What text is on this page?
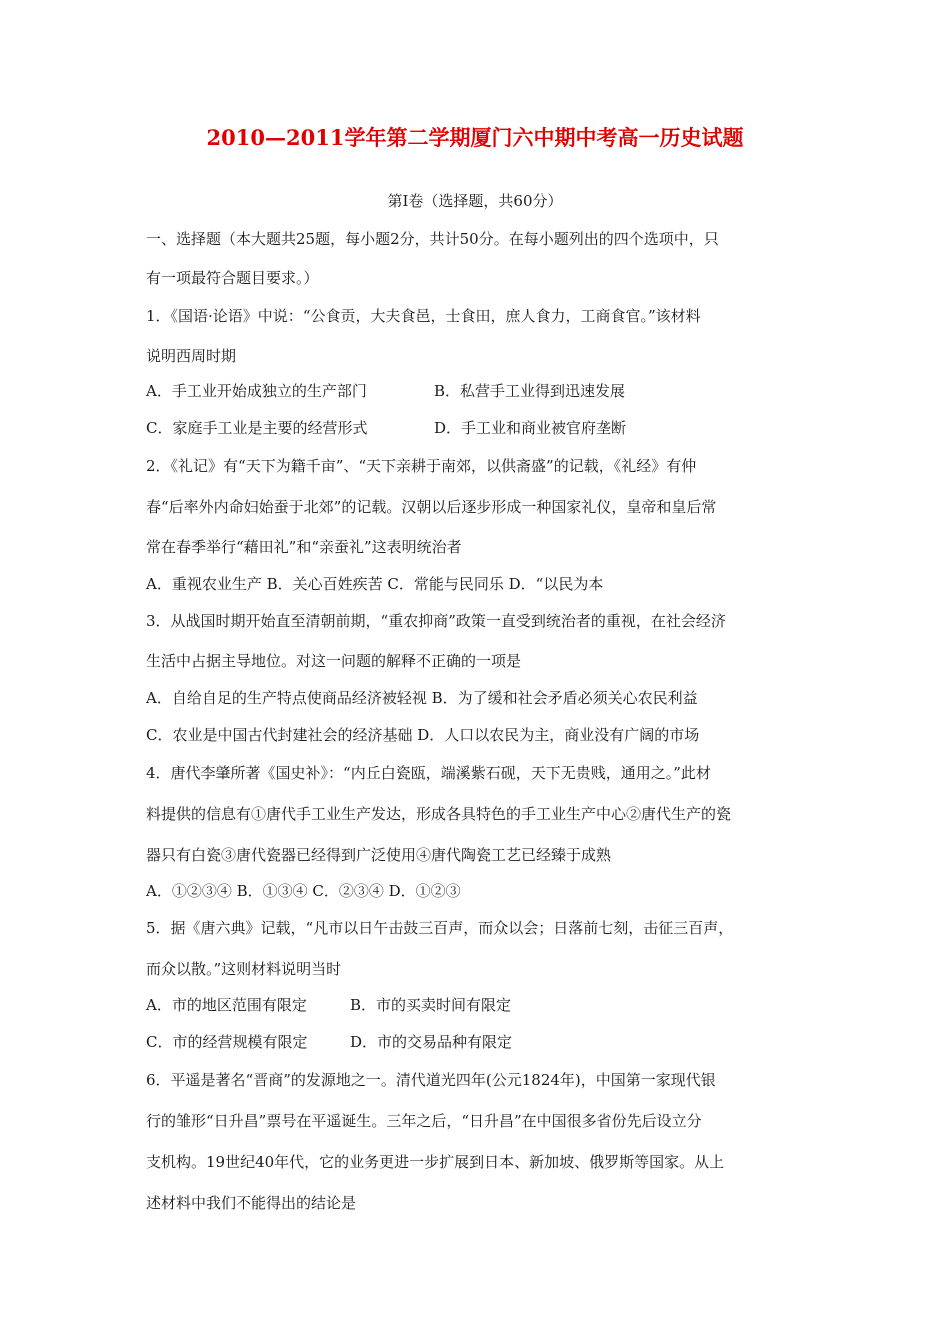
2010—2011学年第二学期厦门六中期中考高一历史试题
第Ⅰ卷（选择题，共60分）
一、选择题（本大题共25题，每小题2分，共计50分。在每小题列出的四个选项中，只
有一项最符合题目要求。）
1．《国语·论语》中说：“公食贡，大夫食邑，士食田，庶人食力，工商食官。”该材料
说明西周时期
A．手工业开始成独立的生产部门	B．私营手工业得到迅速发展
C．家庭手工业是主要的经营形式	D．手工业和商业被官府垄断
2．《礼记》有“天下为籍千亩”、“天下亲耕于南郊，以供斋盛”的记载，《礼经》有仲
春“后率外内命妇始蚕于北郊”的记载。汉朝以后逐步形成一种国家礼仪，皇帝和皇后常
常在春季举行“藉田礼”和“亲蚕礼”这表明统治者
A．重视农业生产 B．关心百姓疾苦 C．常能与民同乐 D．“以民为本
3．从战国时期开始直至清朝前期，“重农抑商”政策一直受到统治者的重视，在社会经济
生活中占据主导地位。对这一问题的解释不正确的一项是
A．自给自足的生产特点使商品经济被轻视 B．为了缓和社会矛盾必须关心农民利益
C．农业是中国古代封建社会的经济基础 D．人口以农民为主，商业没有广阔的市场
4．唐代李肇所著《国史补》：“内丘白瓷瓯，端溪紫石砚，天下无贵贱，通用之。”此材
料提供的信息有①唐代手工业生产发达，形成各具特色的手工业生产中心②唐代生产的瓷
器只有白瓷③唐代瓷器已经得到广泛使用④唐代陶瓷工艺已经臻于成熟
A．①②③④ B．①③④ C．②③④ D．①②③
5．据《唐六典》记载，“凡市以日午击鼓三百声，而众以会；日落前七刻，击征三百声，
而众以散。”这则材料说明当时
A．市的地区范围有限定	B．市的买卖时间有限定
C．市的经营规模有限定	D．市的交易品种有限定
6．平遥是著名“晋商”的发源地之一。清代道光四年(公元1824年)，中国第一家现代银
行的雏形“日升昌”票号在平遥诞生。三年之后，“日升昌”在中国很多省份先后设立分
支机构。19世纪40年代，它的业务更进一步扩展到日本、新加坡、俄罗斯等国家。从上
述材料中我们不能得出的结论是
